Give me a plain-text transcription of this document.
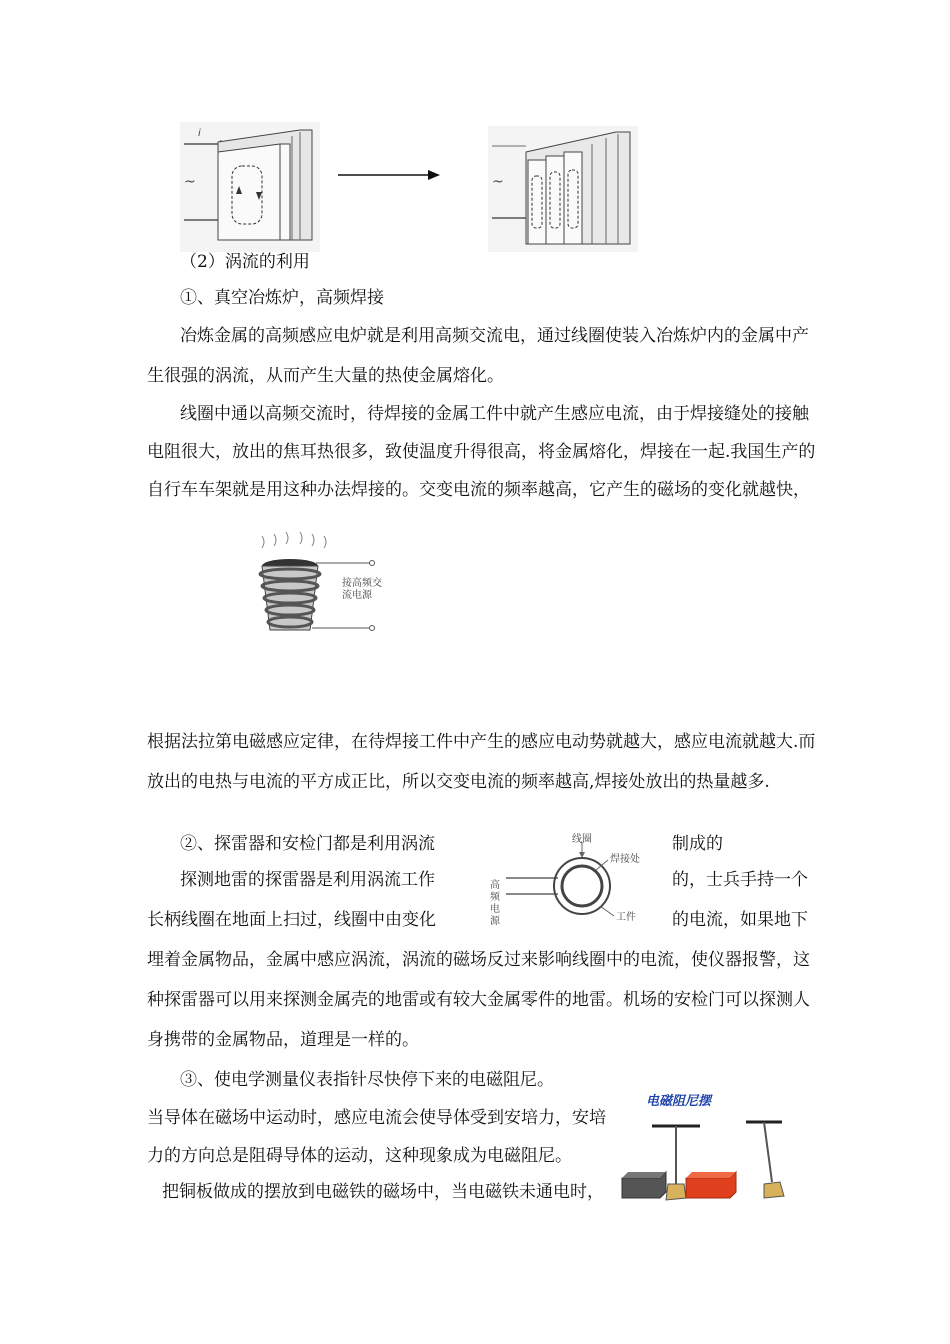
i
~	~
（2）涡流的利用
①、真空冶炼炉，高频焊接
冶炼金属的高频感应电炉就是利用高频交流电，通过线圈使装入冶炼炉内的金属中产
生很强的涡流，从而产生大量的热使金属熔化。
线圈中通以高频交流时，待焊接的金属工件中就产生感应电流，由于焊接缝处的接触
电阻很大，放出的焦耳热很多，致使温度升得很高，将金属熔化，焊接在一起.我国生产的
自行车车架就是用这种办法焊接的。交变电流的频率越高，它产生的磁场的变化就越快，
接高频交
流电源
根据法拉第电磁感应定律，在待焊接工件中产生的感应电动势就越大，感应电流就越大.而
放出的电热与电流的平方成正比，所以交变电流的频率越高,焊接处放出的热量越多.
②、探雷器和安检门都是利用涡流	制成的
探测地雷的探雷器是利用涡流工作	的，士兵手持一个
长柄线圈在地面上扫过，线圈中由变化	的电流，如果地下
线圈
焊接处
工件
高
频
电
源
埋着金属物品，金属中感应涡流，涡流的磁场反过来影响线圈中的电流，使仪器报警，这
种探雷器可以用来探测金属壳的地雷或有较大金属零件的地雷。机场的安检门可以探测人
身携带的金属物品，道理是一样的。
③、使电学测量仪表指针尽快停下来的电磁阻尼。
当导体在磁场中运动时，感应电流会使导体受到安培力，安培
力的方向总是阻碍导体的运动，这种现象成为电磁阻尼。
把铜板做成的摆放到电磁铁的磁场中，当电磁铁未通电时，
电磁阻尼摆
